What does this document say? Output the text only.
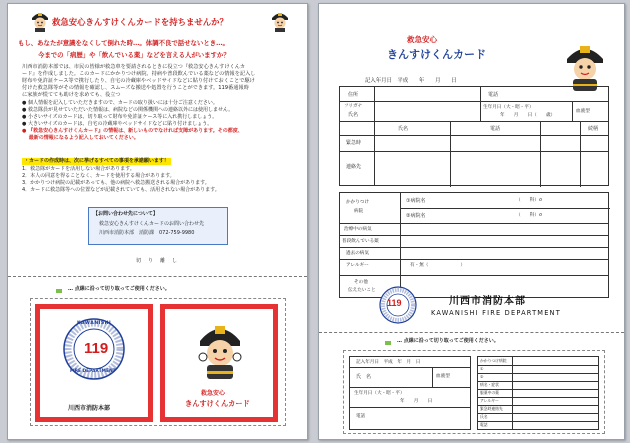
救急安心きんすけくんカードを持ちませんか？
もし、あなたが意識をなくして倒れた時…。体調不良で話せないとき…。
今までの「病歴」や「飲んでいる薬」などを言える人がいますか？
川西市消防本部では、市民の皆様が救急車を要請されるときに役立つ『救急安心きんすけくんカ
ード』を作成しました。このカードにかかりつけ病院、持病や普段飲んでいる薬などの情報を記入し
財布や免許証ケース等で携行したり、自宅の冷蔵庫やベッドサイドなどに貼り付けておくことで駆け
付けた救急隊等がその情報を確認し、スムーズな搬送や処置を行うことができます。119番通報時
に家族が慌てても助けを求めても、役立つ
● 個人情報を記入していただきますので、カードの取り扱いには十分ご注意ください。
● 救急隊員が見せていただいた情報は、病院などの関係機関への連絡以外には使用しません。
● 小さいサイズのカードは、切り取って財布や免許証ケース等に入れ携行しましょう。
● 大きいサイズのカードは、自宅の冷蔵庫やベッドサイドなどに貼り付けましょう。
● 『救急安心きんすけくんカード』の情報は、新しいものでなければ支障があります。その都度、
　 最新の情報になるよう記入しておいてください。
・カードの作成時は、次に挙げるすべての事項を承諾願います！
1．救急隊がカードを活用しない場合があります。
2．本人の同意を得ることなく、カードを使用する場合があります。
3．かかりつけ病院の記載があっても、他の病院へ救急搬送される場合があります。
4．カードに救急隊等への位置などが記載されていても、活用されない場合があります。
【お問い合わせ先について】
救急安心きんすけくんカードのお問い合わせ先
川西市消防本部　消防課　072-759-9980
切　り　離　し
… 点線に沿って切り取ってご使用ください。
119
KAWANISHI
FIRE DEPARTMENT
川西市消防本部
救急安心
きんすけくんカード
救急安心
きんすけくんカード
記入年月日　平成　　年　　月　　日
住所	電話
フリガナ
氏名
生年月日（大・昭・平）
年　　月　　日（　　歳）
血液型
氏名	電話	続柄
緊急時
連絡先
かかりつけ
病院
①病院名	（　　科）σ
②病院名	（　　科）σ
治療中の病気
普段飲んでいる薬
過去の病気
アレルギー	有・無（　　　　　　　）
その他
伝えたいこと
119	川西市消防本部
KAWANISHI FIRE DEPARTMENT
… 点線に沿って切り取ってご使用ください。
記入年月日　平成　年　月　日
氏　名	血液型
生年月日（大・昭・平）
年　　月　　日
電話
かかりつけ病院
①
②
病名・症状
服薬中の薬
アレルギー
緊急時連絡先
氏名
電話
